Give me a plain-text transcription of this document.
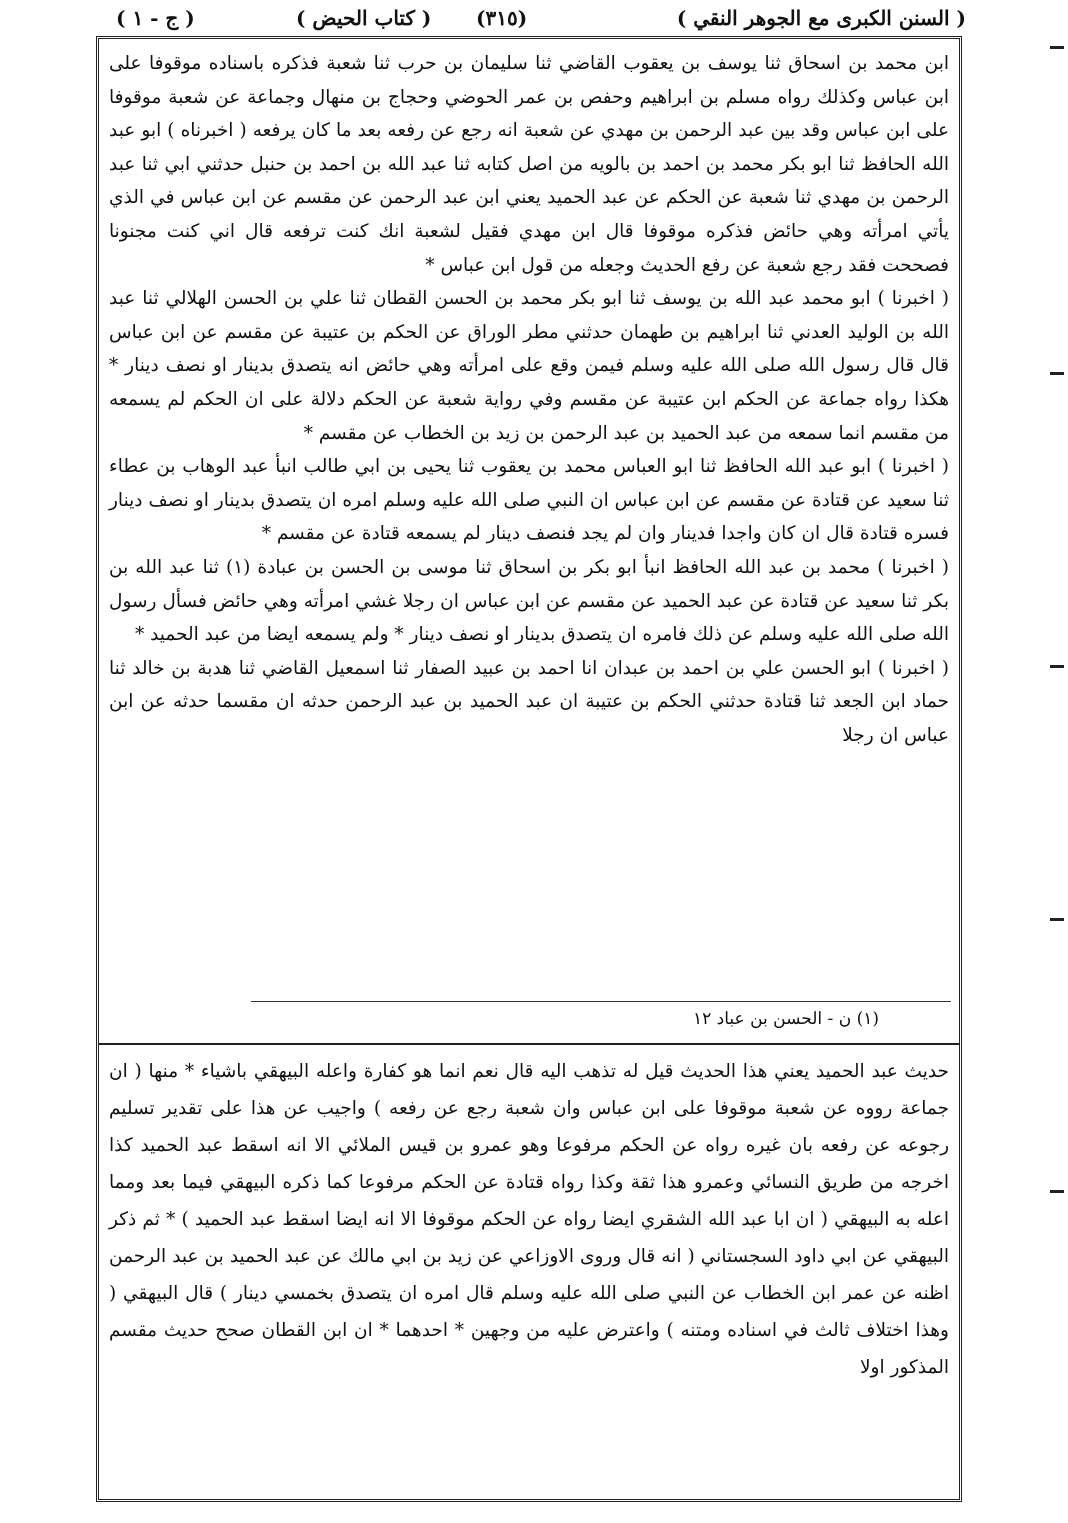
( السنن الكبرى مع الجوهر النقي )
(٣١٥)
( كتاب الحيض )
( ج - ١ )

ابن محمد بن اسحاق ثنا يوسف بن يعقوب القاضي ثنا سليمان بن حرب ثنا شعبة فذكره باسناده موقوفا على ابن عباس وكذلك رواه مسلم بن ابراهيم وحفص بن عمر الحوضي وحجاج بن منهال وجماعة عن شعبة موقوفا على ابن عباس وقد بين عبد الرحمن بن مهدي عن شعبة انه رجع عن رفعه بعد ما كان يرفعه ( اخبرناه ) ابو عبد الله الحافظ ثنا ابو بكر محمد بن احمد بن بالويه من اصل كتابه ثنا عبد الله بن احمد بن حنبل حدثني ابي ثنا عبد الرحمن بن مهدي ثنا شعبة عن الحكم عن عبد الحميد يعني ابن عبد الرحمن عن مقسم عن ابن عباس في الذي يأتي امرأته وهي حائض فذكره موقوفا قال ابن مهدي فقيل لشعبة انك كنت ترفعه قال اني كنت مجنونا فصححت فقد رجع شعبة عن رفع الحديث وجعله من قول ابن عباس *

( اخبرنا ) ابو محمد عبد الله بن يوسف ثنا ابو بكر محمد بن الحسن القطان ثنا علي بن الحسن الهلالي ثنا عبد الله بن الوليد العدني ثنا ابراهيم بن طهمان حدثني مطر الوراق عن الحكم بن عتيبة عن مقسم عن ابن عباس قال قال رسول الله صلى الله عليه وسلم فيمن وقع على امرأته وهي حائض انه يتصدق بدينار او نصف دينار * هكذا رواه جماعة عن الحكم ابن عتيبة عن مقسم وفي رواية شعبة عن الحكم دلالة على ان الحكم لم يسمعه من مقسم انما سمعه من عبد الحميد بن عبد الرحمن بن زيد بن الخطاب عن مقسم *

( اخبرنا ) ابو عبد الله الحافظ ثنا ابو العباس محمد بن يعقوب ثنا يحيى بن ابي طالب انبأ عبد الوهاب بن عطاء ثنا سعيد عن قتادة عن مقسم عن ابن عباس ان النبي صلى الله عليه وسلم امره ان يتصدق بدينار او نصف دينار فسره قتادة قال ان كان واجدا فدينار وان لم يجد فنصف دينار لم يسمعه قتادة عن مقسم *

( اخبرنا ) محمد بن عبد الله الحافظ انبأ ابو بكر بن اسحاق ثنا موسى بن الحسن بن عبادة (١) ثنا عبد الله بن بكر ثنا سعيد عن قتادة عن عبد الحميد عن مقسم عن ابن عباس ان رجلا غشي امرأته وهي حائض فسأل رسول الله صلى الله عليه وسلم عن ذلك فامره ان يتصدق بدينار او نصف دينار * ولم يسمعه ايضا من عبد الحميد *

( اخبرنا ) ابو الحسن علي بن احمد بن عبدان انا احمد بن عبيد الصفار ثنا اسمعيل القاضي ثنا هدبة بن خالد ثنا حماد ابن الجعد ثنا قتادة حدثني الحكم بن عتيبة ان عبد الحميد بن عبد الرحمن حدثه ان مقسما حدثه عن ابن عباس ان رجلا

(١) ن - الحسن بن عباد ١٢

حديث عبد الحميد يعني هذا الحديث قيل له تذهب اليه قال نعم انما هو كفارة واعله البيهقي باشياء * منها ( ان جماعة رووه عن شعبة موقوفا على ابن عباس وان شعبة رجع عن رفعه ) واجيب عن هذا على تقدير تسليم رجوعه عن رفعه بان غيره رواه عن الحكم مرفوعا وهو عمرو بن قيس الملائي الا انه اسقط عبد الحميد كذا اخرجه من طريق النسائي وعمرو هذا ثقة وكذا رواه قتادة عن الحكم مرفوعا كما ذكره البيهقي فيما بعد ومما اعله به البيهقي ( ان ابا عبد الله الشقري ايضا رواه عن الحكم موقوفا الا انه ايضا اسقط عبد الحميد ) * ثم ذكر البيهقي عن ابي داود السجستاني ( انه قال وروى الاوزاعي عن زيد بن ابي مالك عن عبد الحميد بن عبد الرحمن اظنه عن عمر ابن الخطاب عن النبي صلى الله عليه وسلم قال امره ان يتصدق بخمسي دينار ) قال البيهقي ( وهذا اختلاف ثالث في اسناده ومتنه ) واعترض عليه من وجهين * احدهما * ان ابن القطان صحح حديث مقسم المذكور اولا
